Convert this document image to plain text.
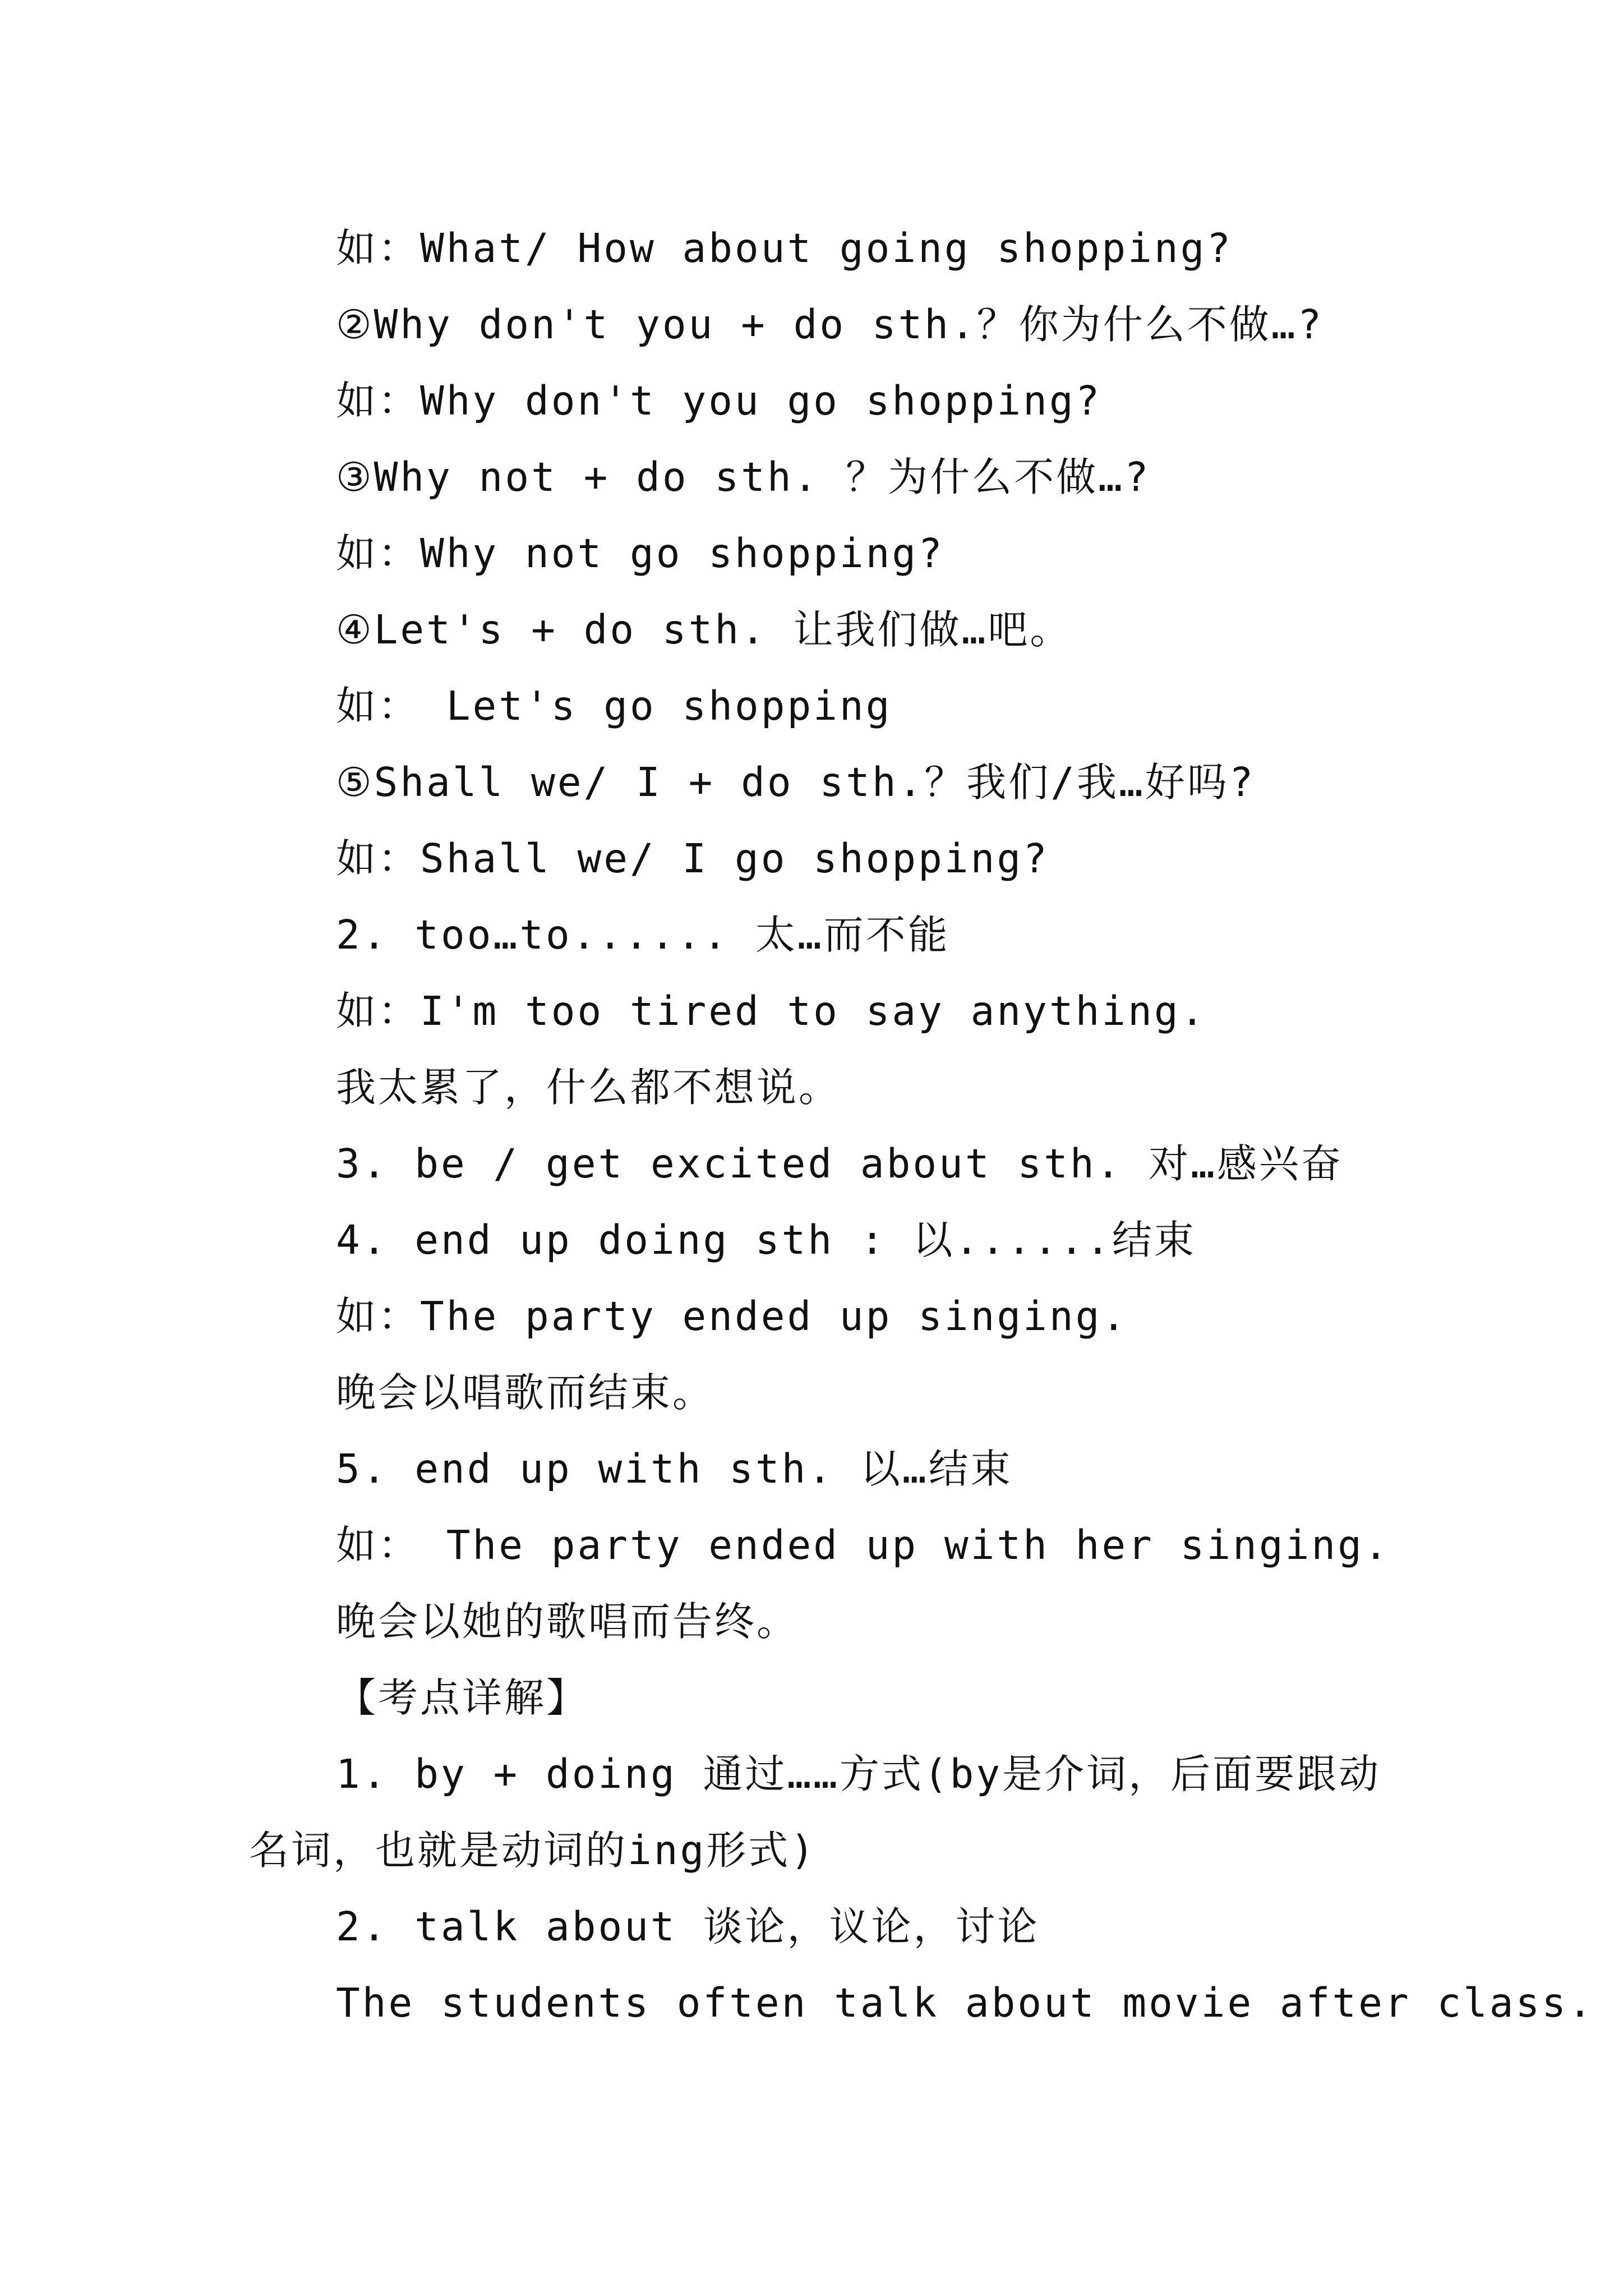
如：What/ How about going shopping?
②Why don't you + do sth.？你为什么不做…?
如：Why don't you go shopping?
③Why not + do sth. ？为什么不做…?
如：Why not go shopping?
④Let's + do sth. 让我们做…吧。
如： Let's go shopping
⑤Shall we/ I + do sth.？我们/我…好吗?
如：Shall we/ I go shopping?
2. too…to...... 太…而不能
如：I'm too tired to say anything.
我太累了，什么都不想说。
3. be / get excited about sth. 对…感兴奋
4. end up doing sth : 以......结束
如：The party ended up singing.
晚会以唱歌而结束。
5. end up with sth. 以…结束
如： The party ended up with her singing.
晚会以她的歌唱而告终。
【考点详解】
1. by + doing 通过……方式(by是介词，后面要跟动
名词，也就是动词的ing形式)
2. talk about 谈论，议论，讨论
The students often talk about movie after class.
